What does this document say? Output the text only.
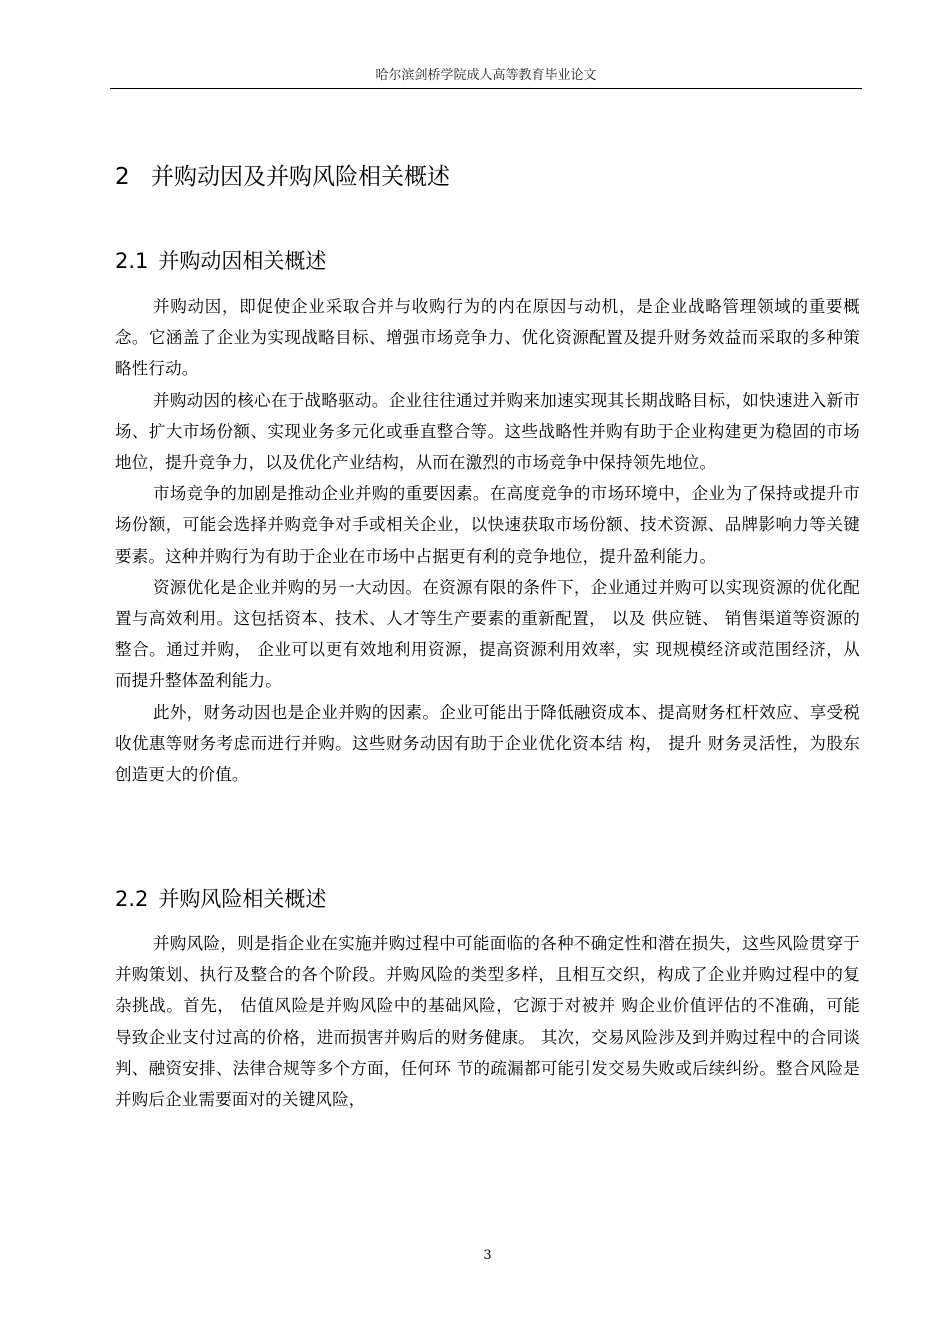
哈尔滨剑桥学院成人高等教育毕业论文
2 并购动因及并购风险相关概述
2.1 并购动因相关概述

并购动因，即促使企业采取合并与收购行为的内在原因与动机，是企业战略管理领域的重要概念。它涵盖了企业为实现战略目标、增强市场竞争力、优化资源配置及提升财务效益而采取的多种策略性行动。

并购动因的核心在于战略驱动。企业往往通过并购来加速实现其长期战略目标，如快速进入新市场、扩大市场份额、实现业务多元化或垂直整合等。这些战略性并购有助于企业构建更为稳固的市场地位，提升竞争力，以及优化产业结构，从而在激烈的市场竞争中保持领先地位。

市场竞争的加剧是推动企业并购的重要因素。在高度竞争的市场环境中，企业为了保持或提升市场份额，可能会选择并购竞争对手或相关企业，以快速获取市场份额、技术资源、品牌影响力等关键要素。这种并购行为有助于企业在市场中占据更有利的竞争地位，提升盈利能力。

资源优化是企业并购的另一大动因。在资源有限的条件下，企业通过并购可以实现资源的优化配置与高效利用。这包括资本、技术、人才等生产要素的重新配置， 以及 供应链、 销售渠道等资源的整合。通过并购， 企业可以更有效地利用资源，提高资源利用效率，实 现规模经济或范围经济，从而提升整体盈利能力。

此外，财务动因也是企业并购的因素。企业可能出于降低融资成本、提高财务杠杆效应、享受税收优惠等财务考虑而进行并购。这些财务动因有助于企业优化资本结 构， 提升 财务灵活性，为股东创造更大的价值。

2.2 并购风险相关概述

并购风险，则是指企业在实施并购过程中可能面临的各种不确定性和潜在损失，这些风险贯穿于并购策划、执行及整合的各个阶段。并购风险的类型多样，且相互交织，构成了企业并购过程中的复杂挑战。首先， 估值风险是并购风险中的基础风险，它源于对被并 购企业价值评估的不准确，可能导致企业支付过高的价格，进而损害并购后的财务健康。 其次，交易风险涉及到并购过程中的合同谈判、融资安排、法律合规等多个方面，任何环 节的疏漏都可能引发交易失败或后续纠纷。整合风险是并购后企业需要面对的关键风险，

3
